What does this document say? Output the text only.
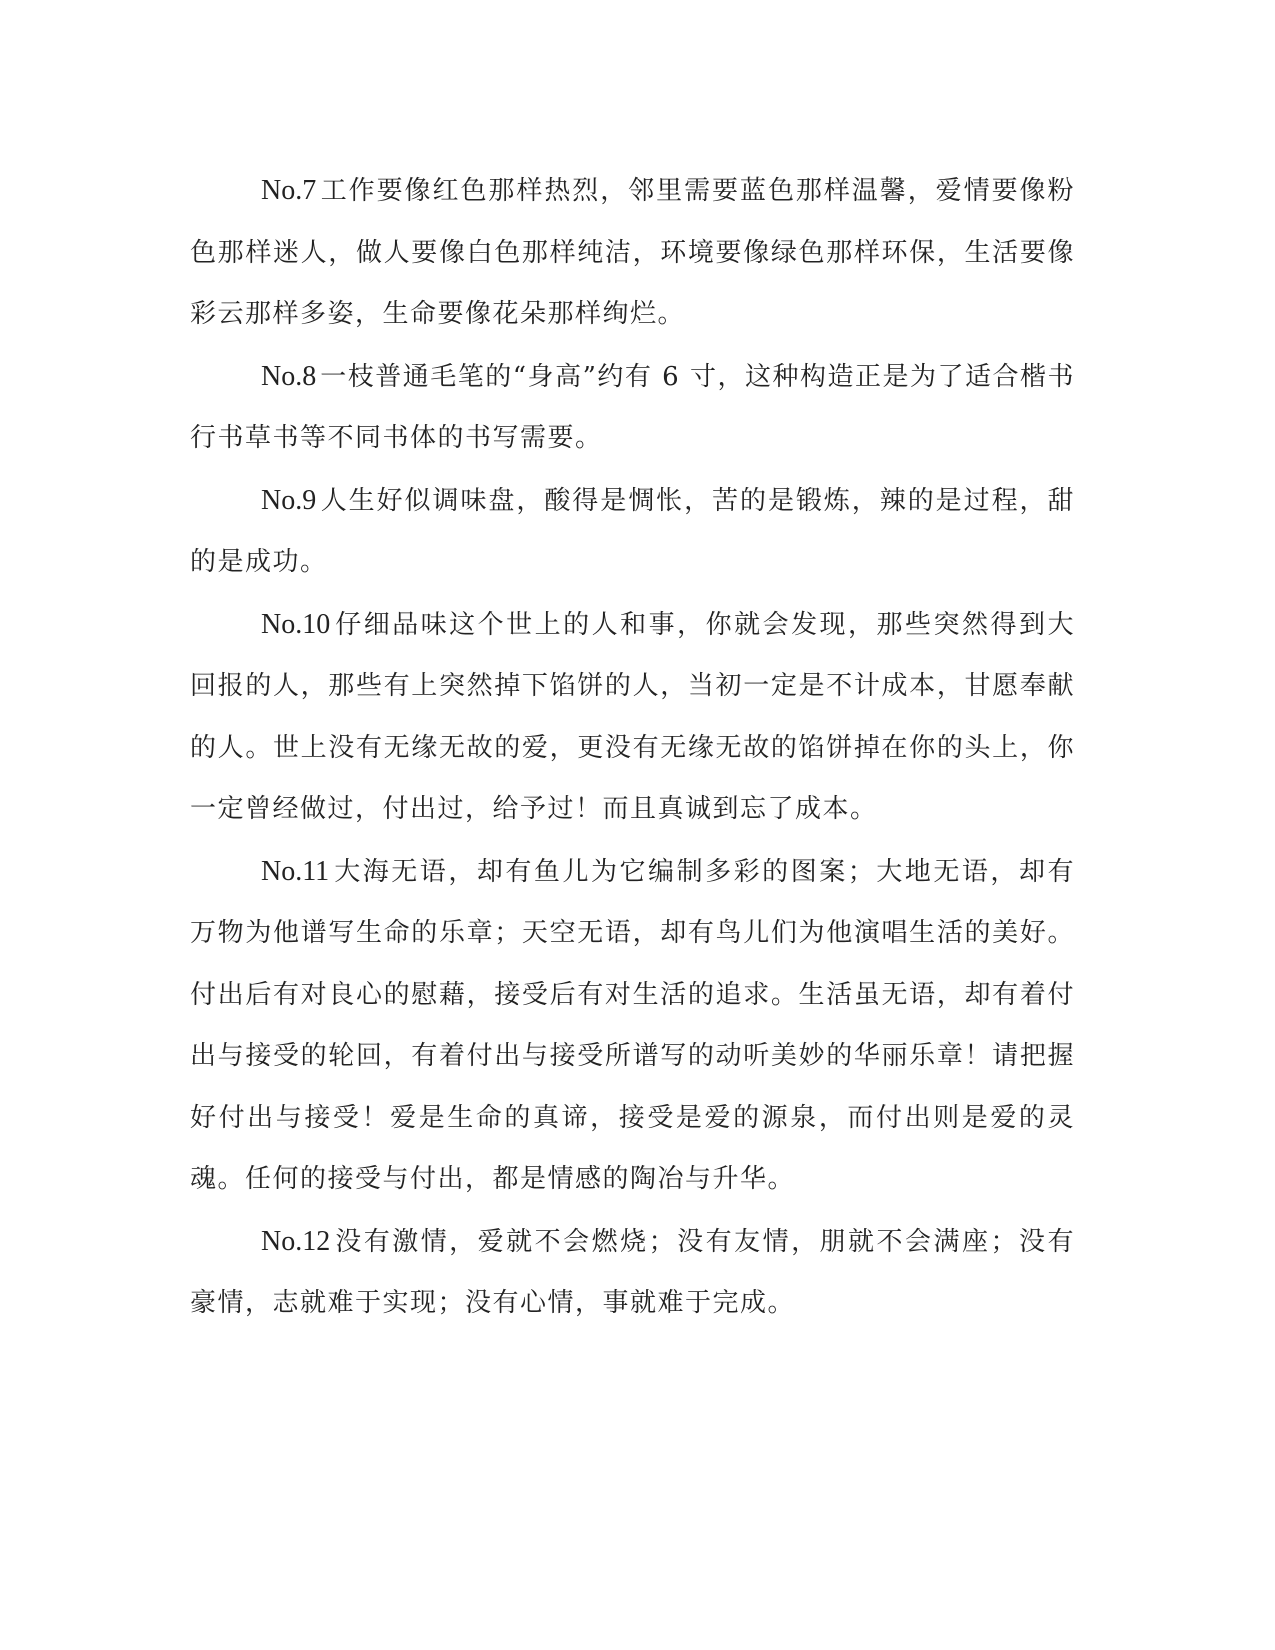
No.7 工作要像红色那样热烈，邻里需要蓝色那样温馨，爱情要像粉色那样迷人，做人要像白色那样纯洁，环境要像绿色那样环保，生活要像彩云那样多姿，生命要像花朵那样绚烂。

No.8 一枝普通毛笔的“身高”约有 6 寸，这种构造正是为了适合楷书行书草书等不同书体的书写需要。

No.9 人生好似调味盘，酸得是惆怅，苦的是锻炼，辣的是过程，甜的是成功。

No.10 仔细品味这个世上的人和事，你就会发现，那些突然得到大回报的人，那些有上突然掉下馅饼的人，当初一定是不计成本，甘愿奉献的人。世上没有无缘无故的爱，更没有无缘无故的馅饼掉在你的头上，你一定曾经做过，付出过，给予过！而且真诚到忘了成本。

No.11 大海无语，却有鱼儿为它编制多彩的图案；大地无语，却有万物为他谱写生命的乐章；天空无语，却有鸟儿们为他演唱生活的美好。付出后有对良心的慰藉，接受后有对生活的追求。生活虽无语，却有着付出与接受的轮回，有着付出与接受所谱写的动听美妙的华丽乐章！请把握好付出与接受！爱是生命的真谛，接受是爱的源泉，而付出则是爱的灵魂。任何的接受与付出，都是情感的陶冶与升华。

No.12 没有激情，爱就不会燃烧；没有友情，朋就不会满座；没有豪情，志就难于实现；没有心情，事就难于完成。
